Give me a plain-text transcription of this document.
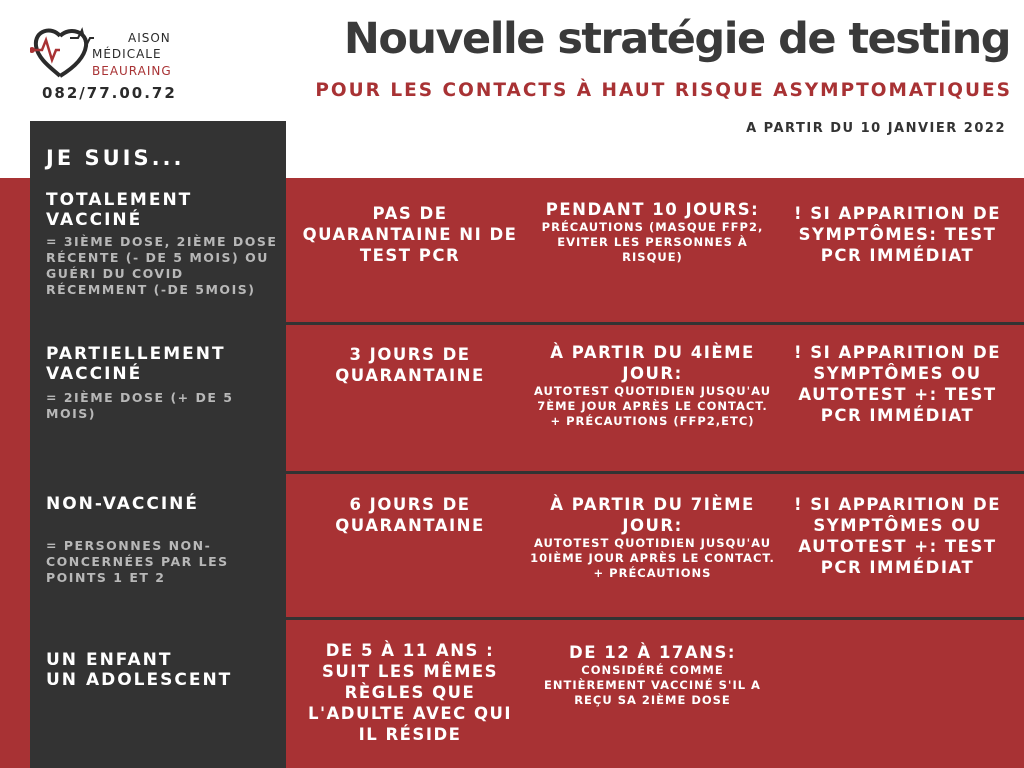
AISON
MÉDICALE
BEAURAING
082/77.00.72
Nouvelle stratégie de testing
POUR LES CONTACTS À HAUT RISQUE ASYMPTOMATIQUES
A PARTIR DU 10 JANVIER 2022
JE SUIS...
TOTALEMENT VACCINÉ
= 3IÈME DOSE, 2IÈME DOSE RÉCENTE (- DE 5 MOIS) OU GUÉRI DU COVID RÉCEMMENT (-DE 5MOIS)
PAS DE QUARANTAINE NI DE TEST PCR
PENDANT 10 JOURS:
PRÉCAUTIONS (MASQUE FFP2, EVITER LES PERSONNES À RISQUE)
! SI APPARITION DE SYMPTÔMES: TEST PCR IMMÉDIAT
PARTIELLEMENT VACCINÉ
= 2IÈME DOSE (+ DE 5 MOIS)
3 JOURS DE QUARANTAINE
À PARTIR DU 4IÈME JOUR:
AUTOTEST QUOTIDIEN JUSQU'AU 7ÈME JOUR APRÈS LE CONTACT. + PRÉCAUTIONS (FFP2,ETC)
! SI APPARITION DE SYMPTÔMES OU AUTOTEST +: TEST PCR IMMÉDIAT
NON-VACCINÉ
= PERSONNES NON-CONCERNÉES PAR LES POINTS 1 ET 2
6 JOURS DE QUARANTAINE
À PARTIR DU 7IÈME JOUR:
AUTOTEST QUOTIDIEN JUSQU'AU 10IÈME JOUR APRÈS LE CONTACT. + PRÉCAUTIONS
! SI APPARITION DE SYMPTÔMES OU AUTOTEST +: TEST PCR IMMÉDIAT
UN ENFANT
UN ADOLESCENT
DE 5 À 11 ANS : SUIT LES MÊMES RÈGLES QUE L'ADULTE AVEC QUI IL RÉSIDE
DE 12 À 17ANS:
CONSIDÉRÉ COMME ENTIÈREMENT VACCINÉ S'IL A REÇU SA 2IÈME DOSE
